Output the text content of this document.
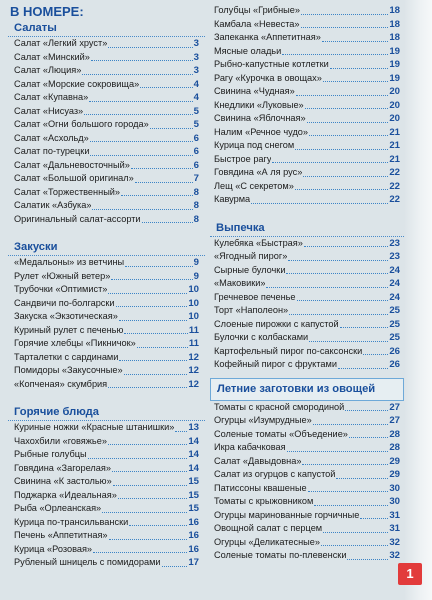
В НОМЕРЕ:
Салаты
Салат «Легкий хруст»	3
Салат «Минский»	3
Салат «Люция»	3
Салат «Морские сокровища»	4
Салат «Купавна»	4
Салат «Нисуаз»	5
Салат «Огни большого города»	5
Салат «Асхольд»	6
Салат по-турецки	6
Салат «Дальневосточный»	6
Салат «Большой оригинал»	7
Салат «Торжественный»	8
Салатик «Азбука»	8
Оригинальный салат-ассорти	8
Закуски
«Медальоны» из ветчины	9
Рулет «Южный ветер»	9
Трубочки «Оптимист»	10
Сандвичи по-болгарски	10
Закуска «Экзотическая»	10
Куриный рулет с печенью	11
Горячие хлебцы «Пикничок»	11
Тарталетки с сардинами	12
Помидоры «Закусочные»	12
«Копченая» скумбрия	12
Горячие блюда
Куриные ножки «Красные штанишки» 13
Чахохбили «говяжье»	14
Рыбные голубцы	14
Говядина «Загорелая»	14
Свинина «К застолью»	15
Поджарка «Идеальная»	15
Рыба «Орлеанская»	15
Курица по-трансильвански	16
Печень «Аппетитная»	16
Курица «Розовая»	16
Рубленый шницель с помидорами	17
Голубцы «Грибные»	18
Камбала «Невеста»	18
Запеканка «Аппетитная»	18
Мясные оладьи	19
Рыбно-капустные котлетки	19
Рагу «Курочка в овощах»	19
Свинина «Чудная»	20
Кнедлики «Луковые»	20
Свинина «Яблочная»	20
Налим «Речное чудо»	21
Курица под снегом	21
Быстрое рагу	21
Говядина «А ля рус»	22
Лещ «С секретом»	22
Кавурма	22
Выпечка
Кулебяка «Быстрая»	23
«Ягодный пирог»	23
Сырные булочки	24
«Маковики»	24
Гречневое печенье	24
Торт «Наполеон»	25
Слоеные пирожки с капустой	25
Булочки с колбасками	25
Картофельный пирог по-саксонски	26
Кофейный пирог с фруктами	26
Летние заготовки из овощей
Томаты с красной смородиной	27
Огурцы «Изумрудные»	27
Соленые томаты «Объедение»	28
Икра кабачковая	28
Салат «Давыдовна»	29
Салат из огурцов с капустой	29
Патиссоны квашеные	30
Томаты с крыжовником	30
Огурцы маринованные горчичные	31
Овощной салат с перцем	31
Огурцы «Деликатесные»	32
Соленые томаты по-плевенски	32
1
